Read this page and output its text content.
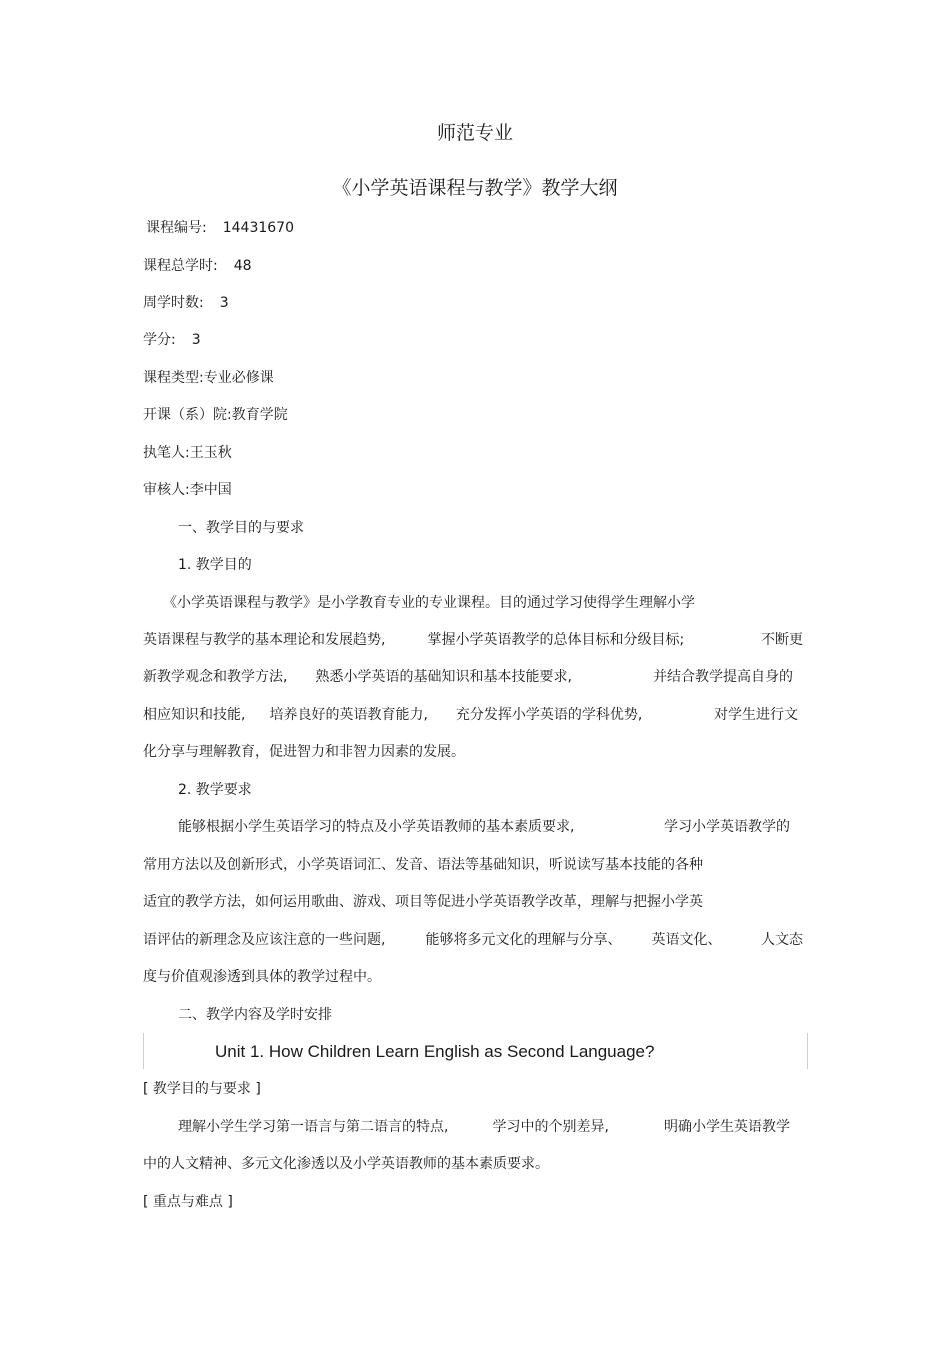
师范专业
《小学英语课程与教学》教学大纲
课程编号: 14431670
课程总学时: 48
周学时数: 3
学分: 3
课程类型:专业必修课
开课（系）院:教育学院
执笔人:王玉秋
审核人:李中国
一、教学目的与要求
1. 教学目的
《小学英语课程与教学》是小学教育专业的专业课程。目的通过学习使得学生理解小学
英语课程与教学的基本理论和发展趋势,	掌握小学英语教学的总体目标和分级目标;	不断更
新教学观念和教学方法, 熟悉小学英语的基础知识和基本技能要求,	并结合教学提高自身的
相应知识和技能, 培养良好的英语教育能力, 充分发挥小学英语的学科优势,	对学生进行文
化分享与理解教育，促进智力和非智力因素的发展。
2. 教学要求
能够根据小学生英语学习的特点及小学英语教师的基本素质要求,	学习小学英语教学的
常用方法以及创新形式，小学英语词汇、发音、语法等基础知识，听说读写基本技能的各种
适宜的教学方法，如何运用歌曲、游戏、项目等促进小学英语教学改革，理解与把握小学英
语评估的新理念及应该注意的一些问题,	能够将多元文化的理解与分享、 英语文化、	人文态
度与价值观渗透到具体的教学过程中。
二、教学内容及学时安排
Unit 1. How Children Learn English as Second Language?
[ 教学目的与要求 ]
理解小学生学习第一语言与第二语言的特点,	学习中的个别差异,	明确小学生英语教学
中的人文精神、多元文化渗透以及小学英语教师的基本素质要求。
[ 重点与难点 ]
